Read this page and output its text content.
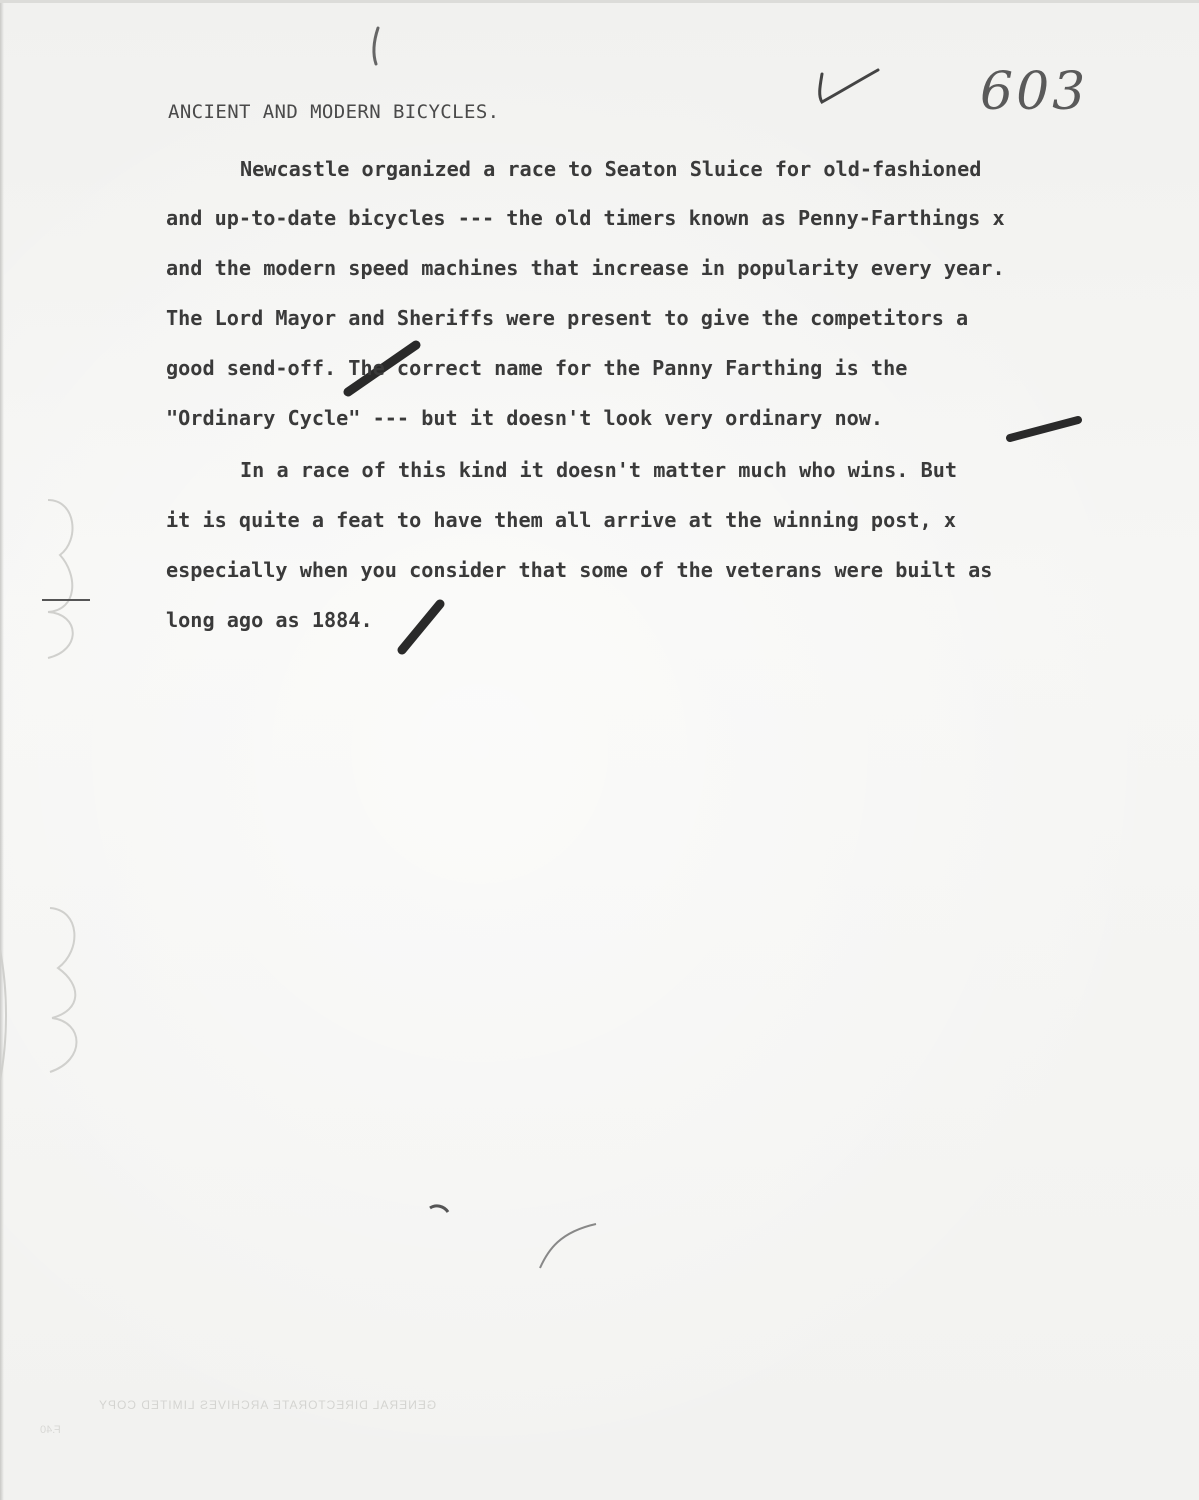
ANCIENT AND MODERN BICYCLES.	603
Newcastle organized a race to Seaton Sluice for old-fashioned
and up-to-date bicycles --- the old timers known as Penny-Farthings x
and the modern speed machines that increase in popularity every year.
The Lord Mayor and Sheriffs were present to give the competitors a
good send-off. The correct name for the Panny Farthing is the
"Ordinary Cycle" --- but it doesn't look very ordinary now.
In a race of this kind it doesn't matter much who wins. But
it is quite a feat to have them all arrive at the winning post, x
especially when you consider that some of the veterans were built as
long ago as 1884.
GENERAL DIRECTORATE ARCHIVES LIMITED COPY
F.40
